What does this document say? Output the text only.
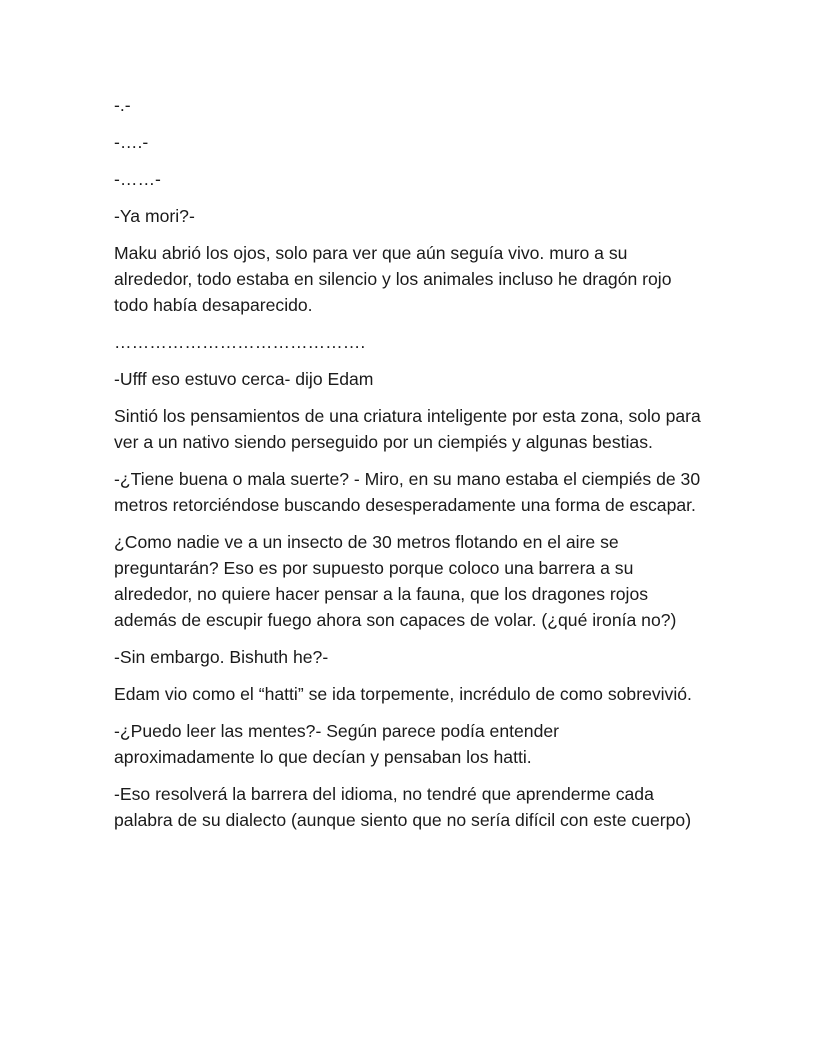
-.-

-….-

-……-

-Ya mori?-

Maku abrió los ojos, solo para ver que aún seguía vivo. muro a su alrededor, todo estaba en silencio y los animales incluso he dragón rojo todo había desaparecido.

…………………………………….

-Ufff eso estuvo cerca- dijo Edam

Sintió los pensamientos de una criatura inteligente por esta zona, solo para ver a un nativo siendo perseguido por un ciempiés y algunas bestias.

-¿Tiene buena o mala suerte? - Miro, en su mano estaba el ciempiés de 30 metros retorciéndose buscando desesperadamente una forma de escapar.

¿Como nadie ve a un insecto de 30 metros flotando en el aire se preguntarán? Eso es por supuesto porque coloco una barrera a su alrededor, no quiere hacer pensar a la fauna, que los dragones rojos además de escupir fuego ahora son capaces de volar. (¿qué ironía no?)

-Sin embargo. Bishuth he?-

Edam vio como el “hatti” se ida torpemente, incrédulo de como sobrevivió.

-¿Puedo leer las mentes?- Según parece podía entender aproximadamente lo que decían y pensaban los hatti.

-Eso resolverá la barrera del idioma, no tendré que aprenderme cada palabra de su dialecto (aunque siento que no sería difícil con este cuerpo)
